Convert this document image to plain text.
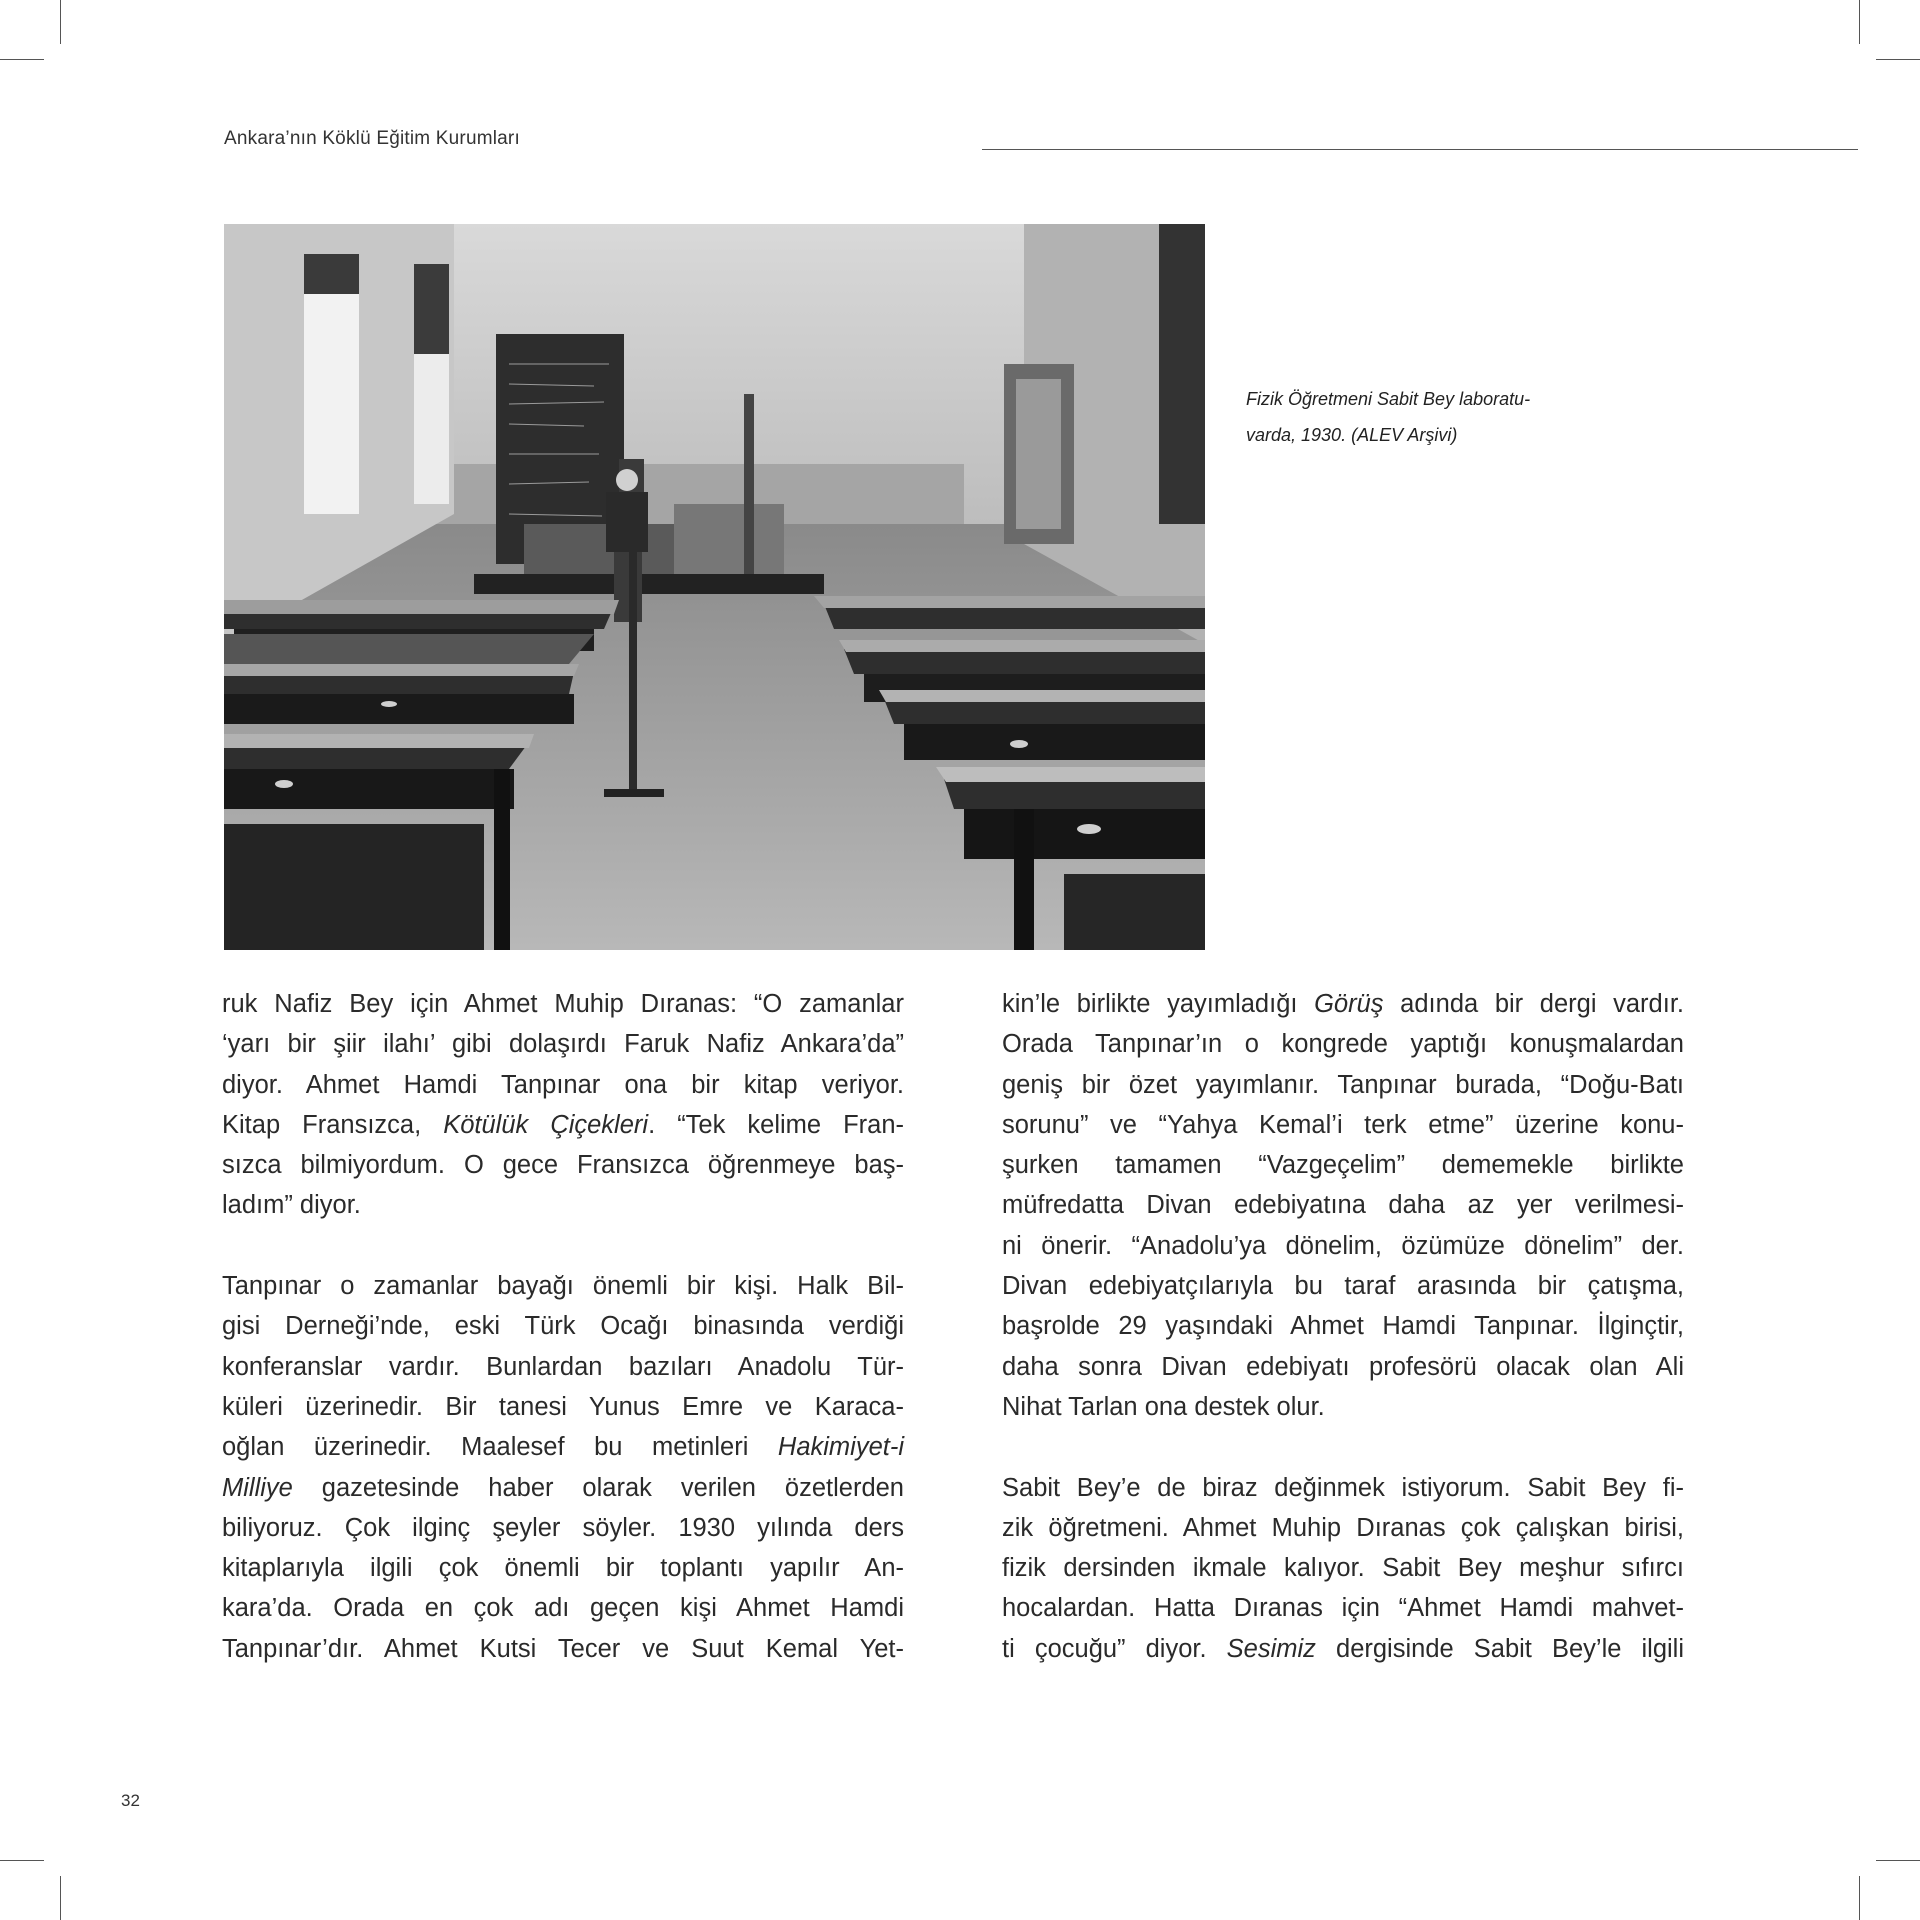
Ankara’nın Köklü Eğitim Kurumları
Fizik Öğretmeni Sabit Bey laboratu-
varda, 1930. (ALEV Arşivi)
ruk Nafiz Bey için Ahmet Muhip Dıranas: “O zamanlar
‘yarı bir şiir ilahı’ gibi dolaşırdı Faruk Nafiz Ankara’da”
diyor. Ahmet Hamdi Tanpınar ona bir kitap veriyor.
Kitap Fransızca, Kötülük Çiçekleri. “Tek kelime Fran-
sızca bilmiyordum. O gece Fransızca öğrenmeye baş-
ladım” diyor.
Tanpınar o zamanlar bayağı önemli bir kişi. Halk Bil-
gisi Derneği’nde, eski Türk Ocağı binasında verdiği
konferanslar vardır. Bunlardan bazıları Anadolu Tür-
küleri üzerinedir. Bir tanesi Yunus Emre ve Karaca-
oğlan üzerinedir. Maalesef bu metinleri Hakimiyet-i
Milliye gazetesinde haber olarak verilen özetlerden
biliyoruz. Çok ilginç şeyler söyler. 1930 yılında ders
kitaplarıyla ilgili çok önemli bir toplantı yapılır An-
kara’da. Orada en çok adı geçen kişi Ahmet Hamdi
Tanpınar’dır. Ahmet Kutsi Tecer ve Suut Kemal Yet-
kin’le birlikte yayımladığı Görüş adında bir dergi vardır.
Orada Tanpınar’ın o kongrede yaptığı konuşmalardan
geniş bir özet yayımlanır. Tanpınar burada, “Doğu-Batı
sorunu” ve “Yahya Kemal’i terk etme” üzerine konu-
şurken tamamen “Vazgeçelim” dememekle birlikte
müfredatta Divan edebiyatına daha az yer verilmesi-
ni önerir. “Anadolu’ya dönelim, özümüze dönelim” der.
Divan edebiyatçılarıyla bu taraf arasında bir çatışma,
başrolde 29 yaşındaki Ahmet Hamdi Tanpınar. İlginçtir,
daha sonra Divan edebiyatı profesörü olacak olan Ali
Nihat Tarlan ona destek olur.
Sabit Bey’e de biraz değinmek istiyorum. Sabit Bey fi-
zik öğretmeni. Ahmet Muhip Dıranas çok çalışkan birisi,
fizik dersinden ikmale kalıyor. Sabit Bey meşhur sıfırcı
hocalardan. Hatta Dıranas için “Ahmet Hamdi mahvet-
ti çocuğu” diyor. Sesimiz dergisinde Sabit Bey’le ilgili
32
